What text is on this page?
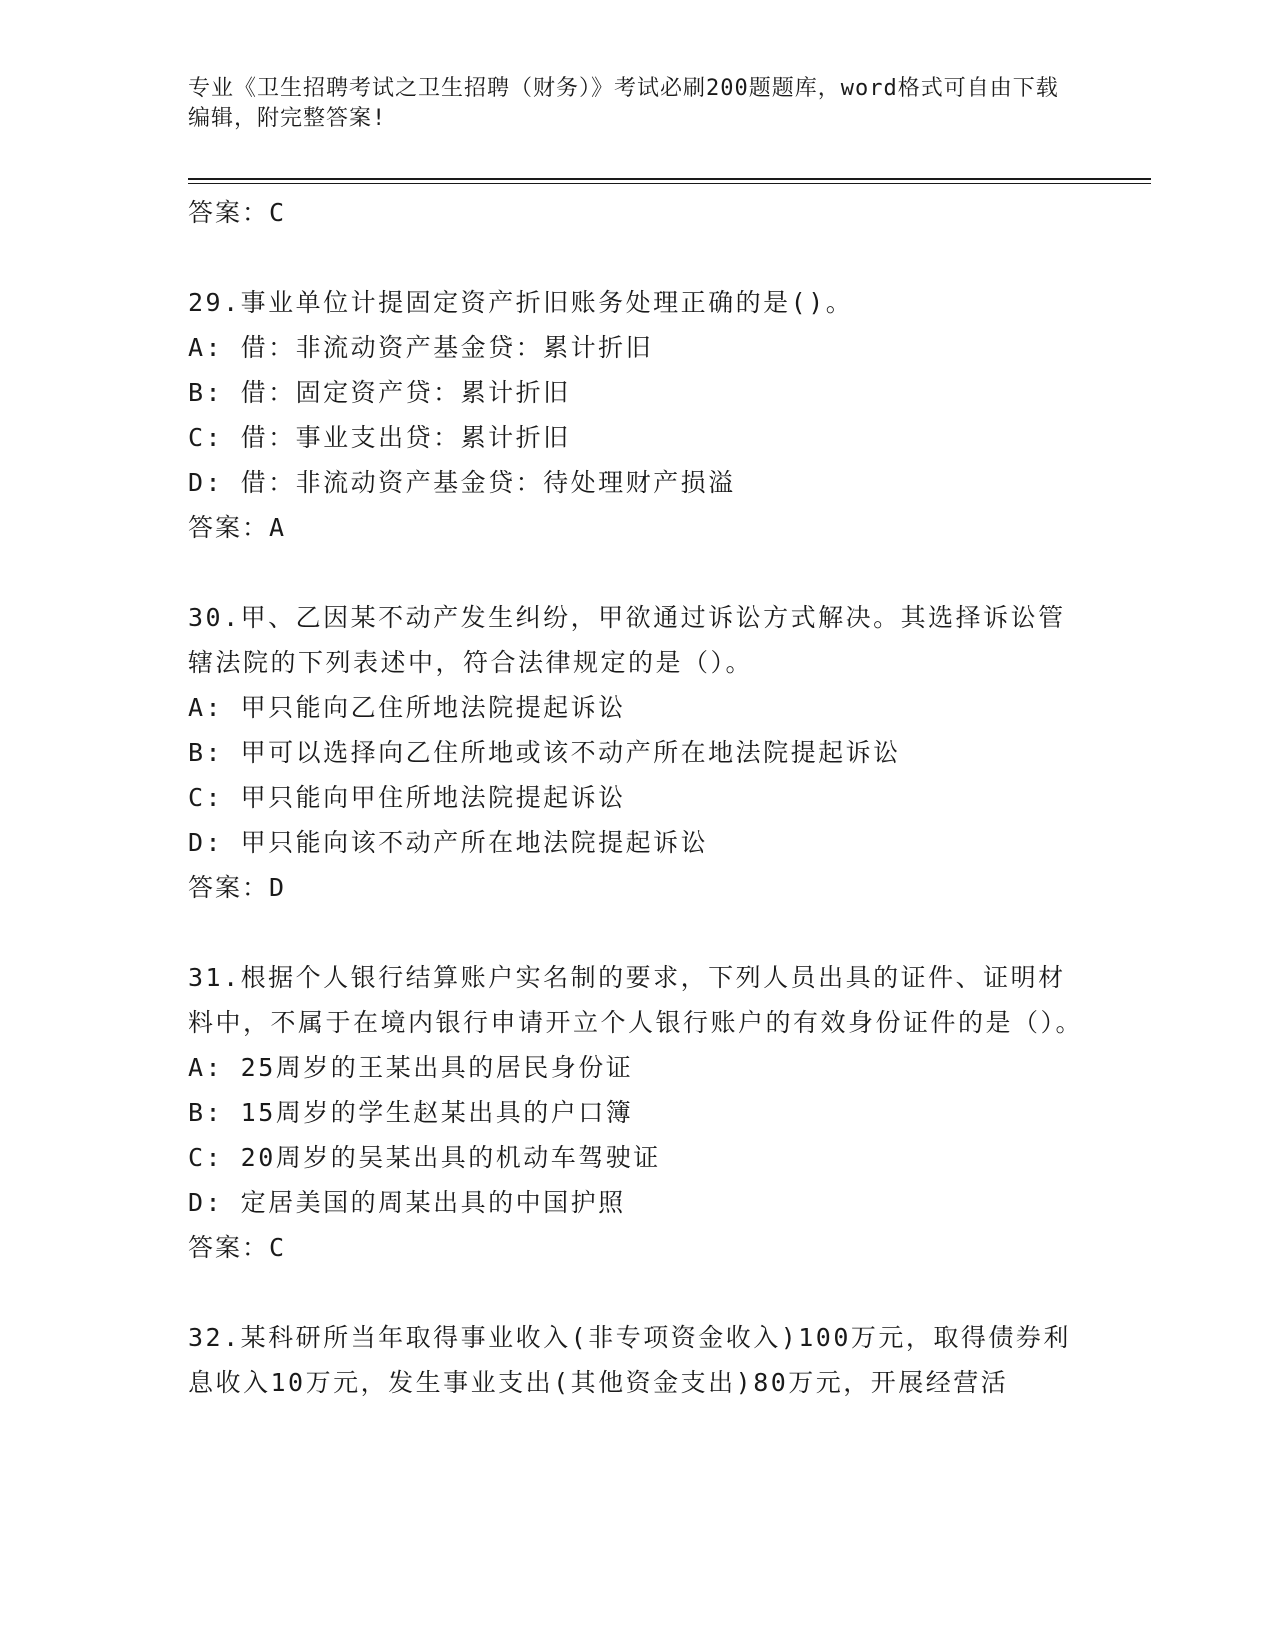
专业《卫生招聘考试之卫生招聘（财务）》考试必刷200题题库，word格式可自由下载编辑，附完整答案!
答案：C
29.事业单位计提固定资产折旧账务处理正确的是()。
A: 借：非流动资产基金贷：累计折旧
B: 借：固定资产贷：累计折旧
C: 借：事业支出贷：累计折旧
D: 借：非流动资产基金贷：待处理财产损溢
答案：A
30.甲、乙因某不动产发生纠纷，甲欲通过诉讼方式解决。其选择诉讼管辖法院的下列表述中，符合法律规定的是（）。
A: 甲只能向乙住所地法院提起诉讼
B: 甲可以选择向乙住所地或该不动产所在地法院提起诉讼
C: 甲只能向甲住所地法院提起诉讼
D: 甲只能向该不动产所在地法院提起诉讼
答案：D
31.根据个人银行结算账户实名制的要求，下列人员出具的证件、证明材料中，不属于在境内银行申请开立个人银行账户的有效身份证件的是（）。
A: 25周岁的王某出具的居民身份证
B: 15周岁的学生赵某出具的户口簿
C: 20周岁的吴某出具的机动车驾驶证
D: 定居美国的周某出具的中国护照
答案：C
32.某科研所当年取得事业收入(非专项资金收入)100万元，取得债券利息收入10万元，发生事业支出(其他资金支出)80万元，开展经营活
